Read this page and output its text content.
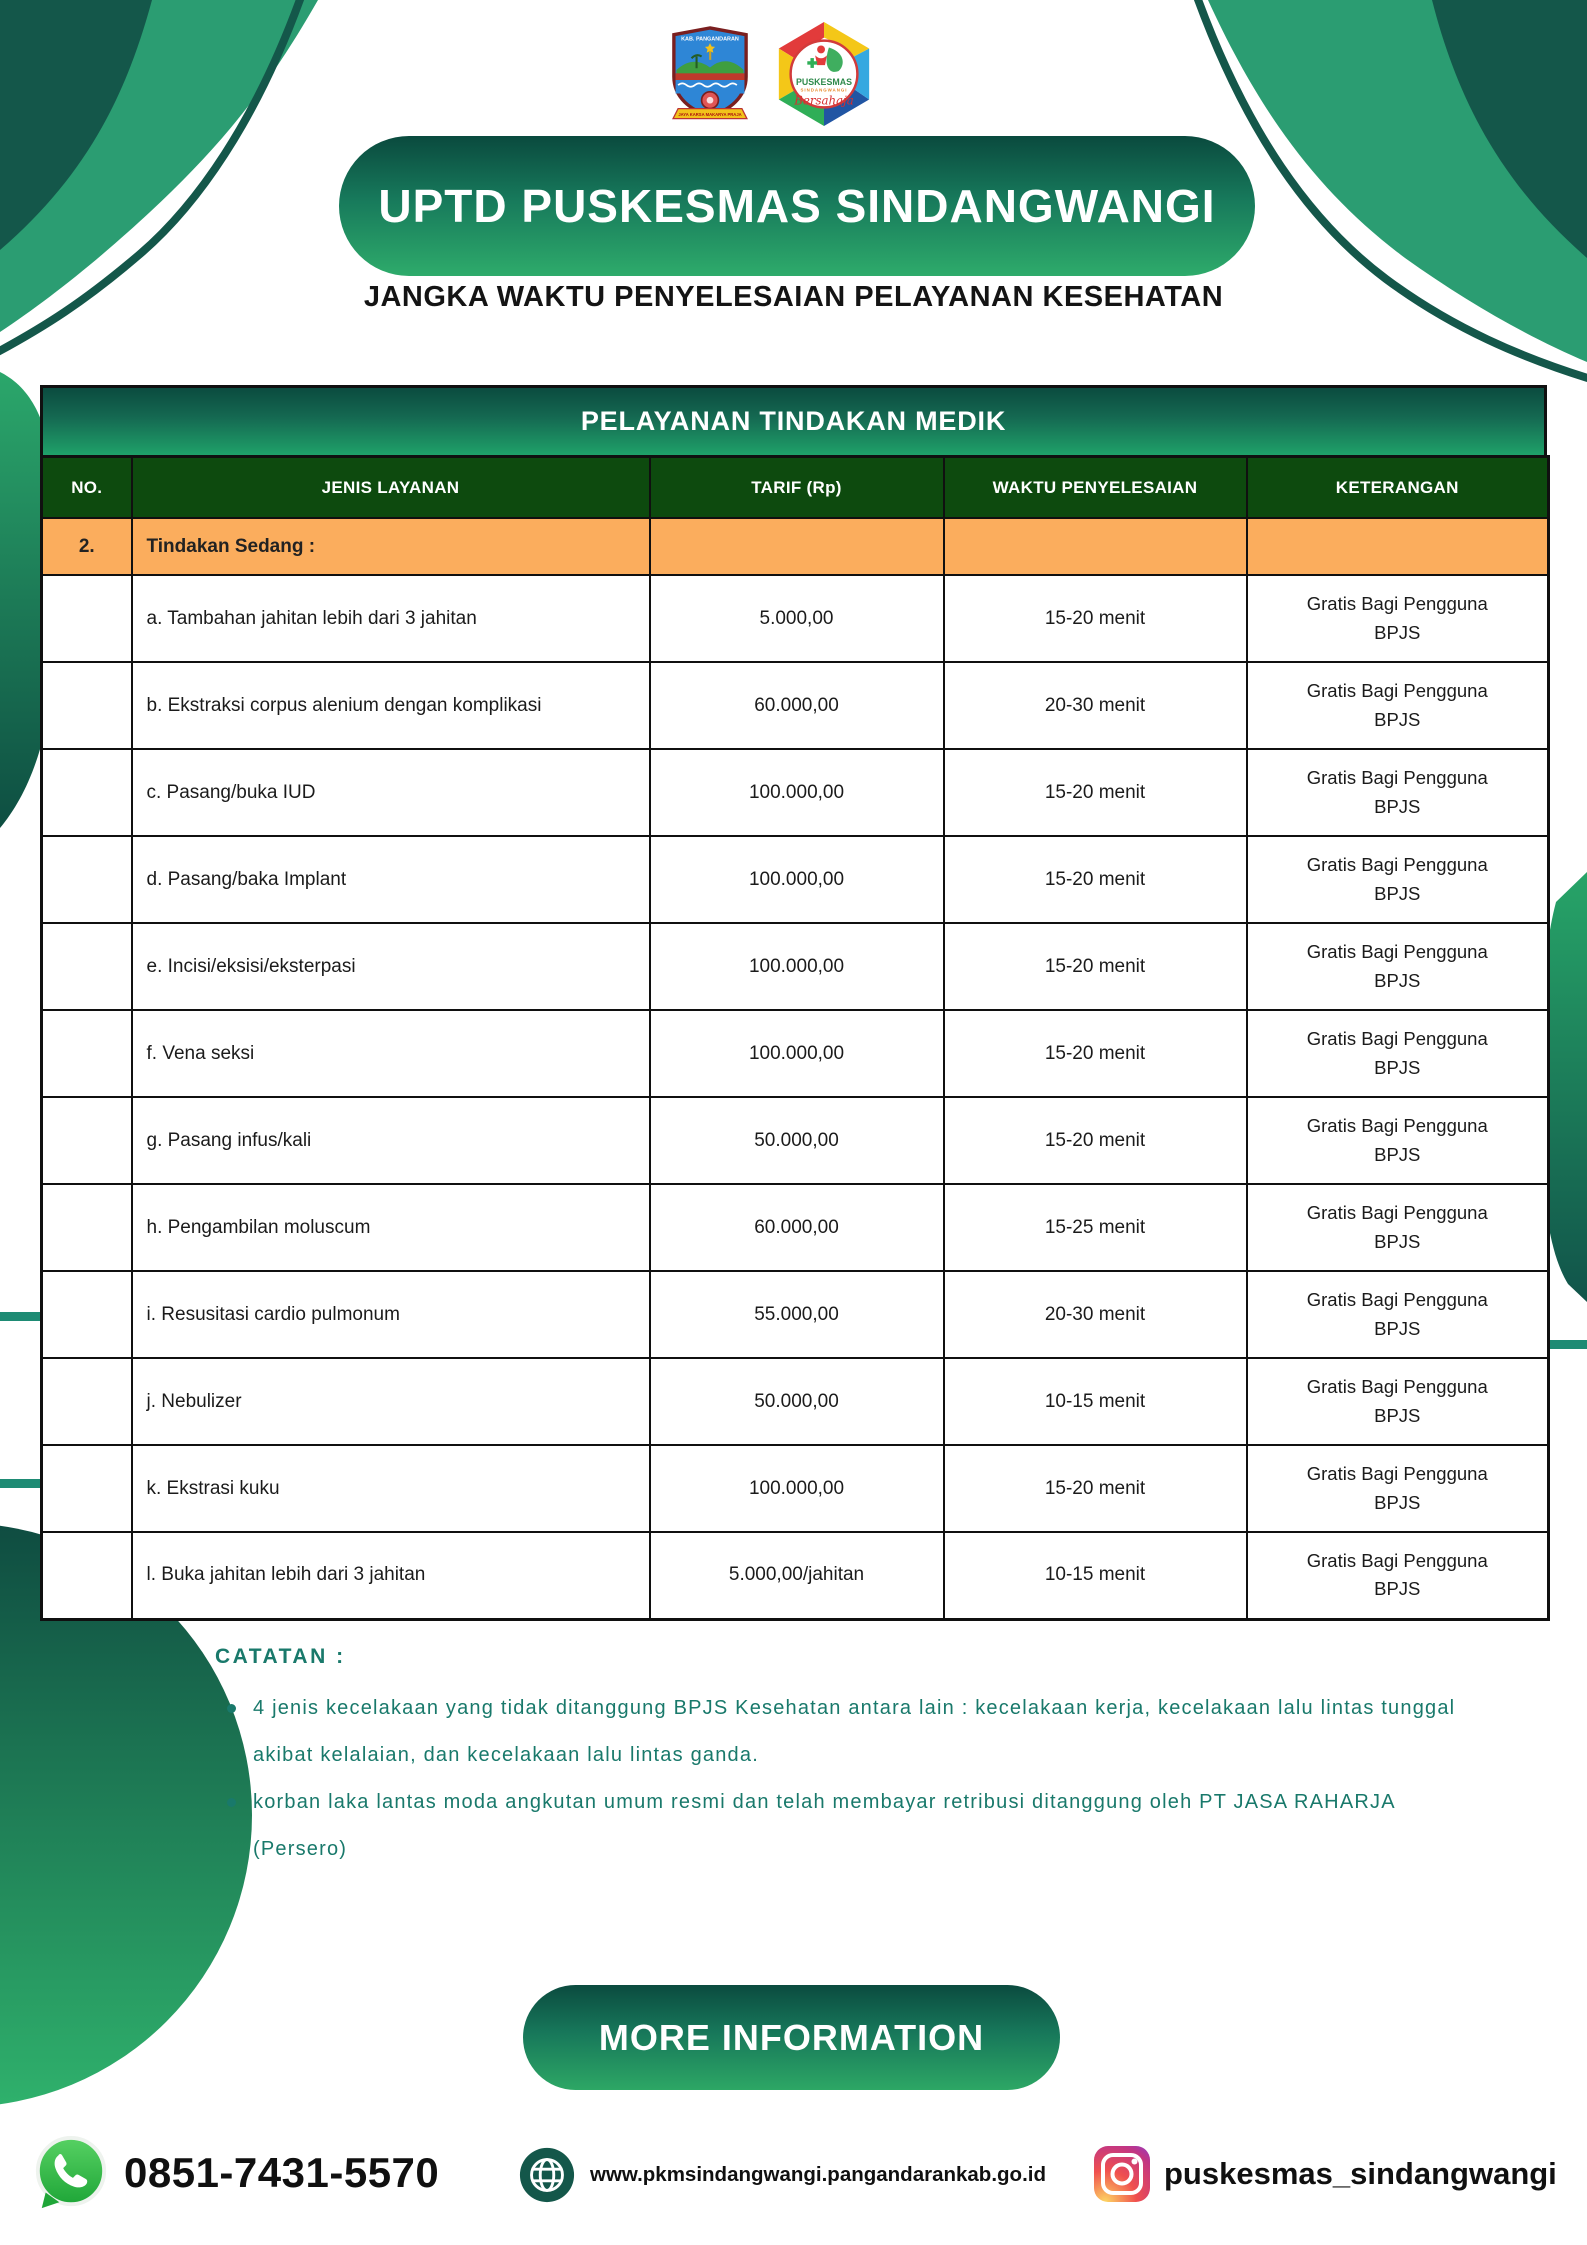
KAB. PANGANDARAN
JAYA KARSA MAKARYA PRAJA
PUSKESMAS
SINDANGWANGI
Bersahaja
UPTD PUSKESMAS SINDANGWANGI
JANGKA WAKTU PENYELESAIAN PELAYANAN KESEHATAN
PELAYANAN TINDAKAN MEDIK
NO.	JENIS LAYANAN	TARIF (Rp)	WAKTU PENYELESAIAN	KETERANGAN
2.	Tindakan Sedang :			
	a. Tambahan jahitan lebih dari 3 jahitan	5.000,00	15-20 menit	Gratis Bagi Pengguna BPJS
	b. Ekstraksi corpus alenium dengan komplikasi	60.000,00	20-30 menit	Gratis Bagi Pengguna BPJS
	c. Pasang/buka IUD	100.000,00	15-20 menit	Gratis Bagi Pengguna BPJS
	d. Pasang/baka Implant	100.000,00	15-20 menit	Gratis Bagi Pengguna BPJS
	e. Incisi/eksisi/eksterpasi	100.000,00	15-20 menit	Gratis Bagi Pengguna BPJS
	f. Vena seksi	100.000,00	15-20 menit	Gratis Bagi Pengguna BPJS
	g. Pasang infus/kali	50.000,00	15-20 menit	Gratis Bagi Pengguna BPJS
	h. Pengambilan moluscum	60.000,00	15-25 menit	Gratis Bagi Pengguna BPJS
	i. Resusitasi cardio pulmonum	55.000,00	20-30 menit	Gratis Bagi Pengguna BPJS
	j. Nebulizer	50.000,00	10-15 menit	Gratis Bagi Pengguna BPJS
	k. Ekstrasi kuku	100.000,00	15-20 menit	Gratis Bagi Pengguna BPJS
	l. Buka jahitan lebih dari 3 jahitan	5.000,00/jahitan	10-15 menit	Gratis Bagi Pengguna BPJS
CATATAN :
4 jenis kecelakaan yang tidak ditanggung BPJS Kesehatan antara lain : kecelakaan kerja, kecelakaan lalu lintas tunggal akibat kelalaian, dan kecelakaan lalu lintas ganda.
korban laka lantas moda angkutan umum resmi dan telah membayar retribusi ditanggung oleh PT JASA RAHARJA (Persero)
MORE INFORMATION
0851-7431-5570	www.pkmsindangwangi.pangandarankab.go.id	puskesmas_sindangwangi
